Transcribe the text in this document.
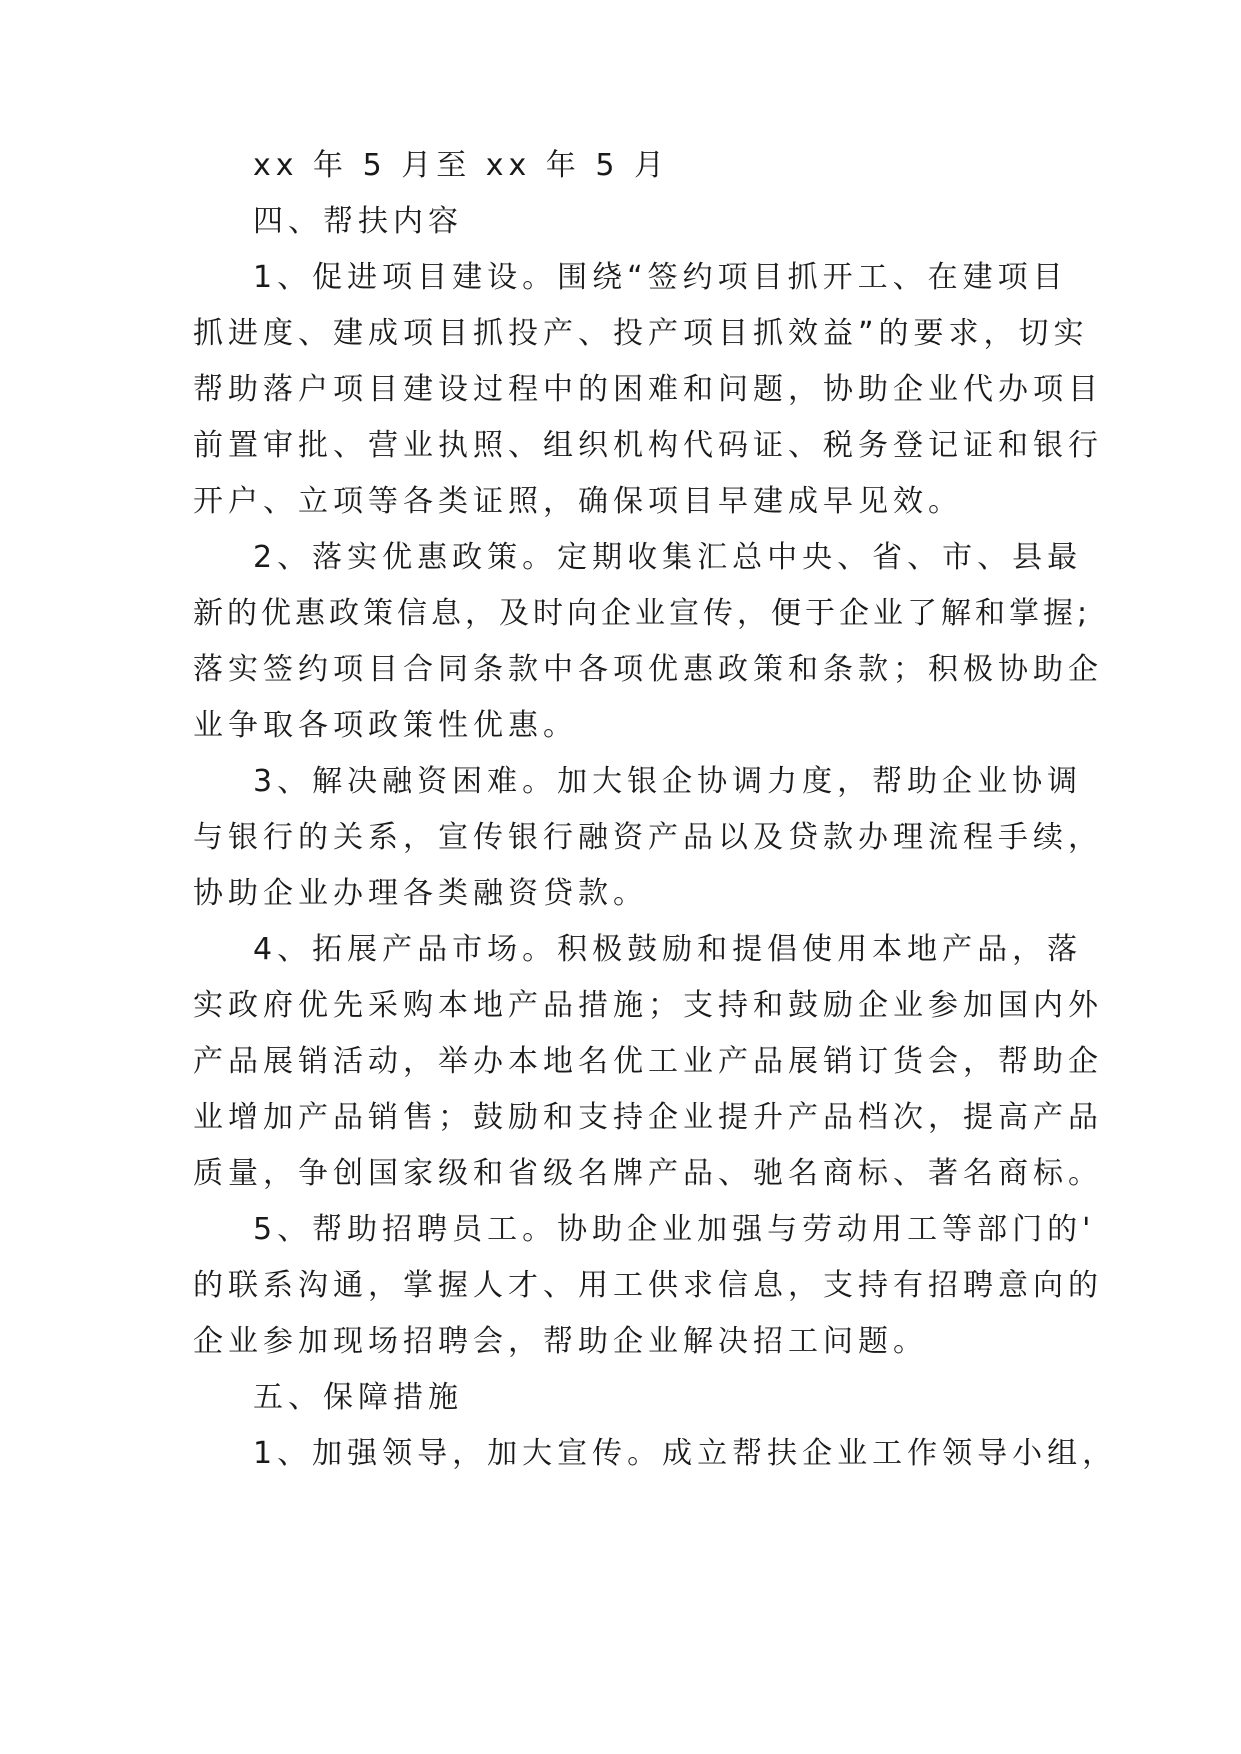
xx 年 5 月至 xx 年 5 月
四、帮扶内容
1、促进项目建设。围绕“签约项目抓开工、在建项目
抓进度、建成项目抓投产、投产项目抓效益”的要求，切实
帮助落户项目建设过程中的困难和问题，协助企业代办项目
前置审批、营业执照、组织机构代码证、税务登记证和银行
开户、立项等各类证照，确保项目早建成早见效。
2、落实优惠政策。定期收集汇总中央、省、市、县最
新的优惠政策信息，及时向企业宣传，便于企业了解和掌握;
落实签约项目合同条款中各项优惠政策和条款；积极协助企
业争取各项政策性优惠。
3、解决融资困难。加大银企协调力度，帮助企业协调
与银行的关系，宣传银行融资产品以及贷款办理流程手续，
协助企业办理各类融资贷款。
4、拓展产品市场。积极鼓励和提倡使用本地产品，落
实政府优先采购本地产品措施；支持和鼓励企业参加国内外
产品展销活动，举办本地名优工业产品展销订货会，帮助企
业增加产品销售；鼓励和支持企业提升产品档次，提高产品
质量，争创国家级和省级名牌产品、驰名商标、著名商标。
5、帮助招聘员工。协助企业加强与劳动用工等部门的'
的联系沟通，掌握人才、用工供求信息，支持有招聘意向的
企业参加现场招聘会，帮助企业解决招工问题。
五、保障措施
1、加强领导，加大宣传。成立帮扶企业工作领导小组，
